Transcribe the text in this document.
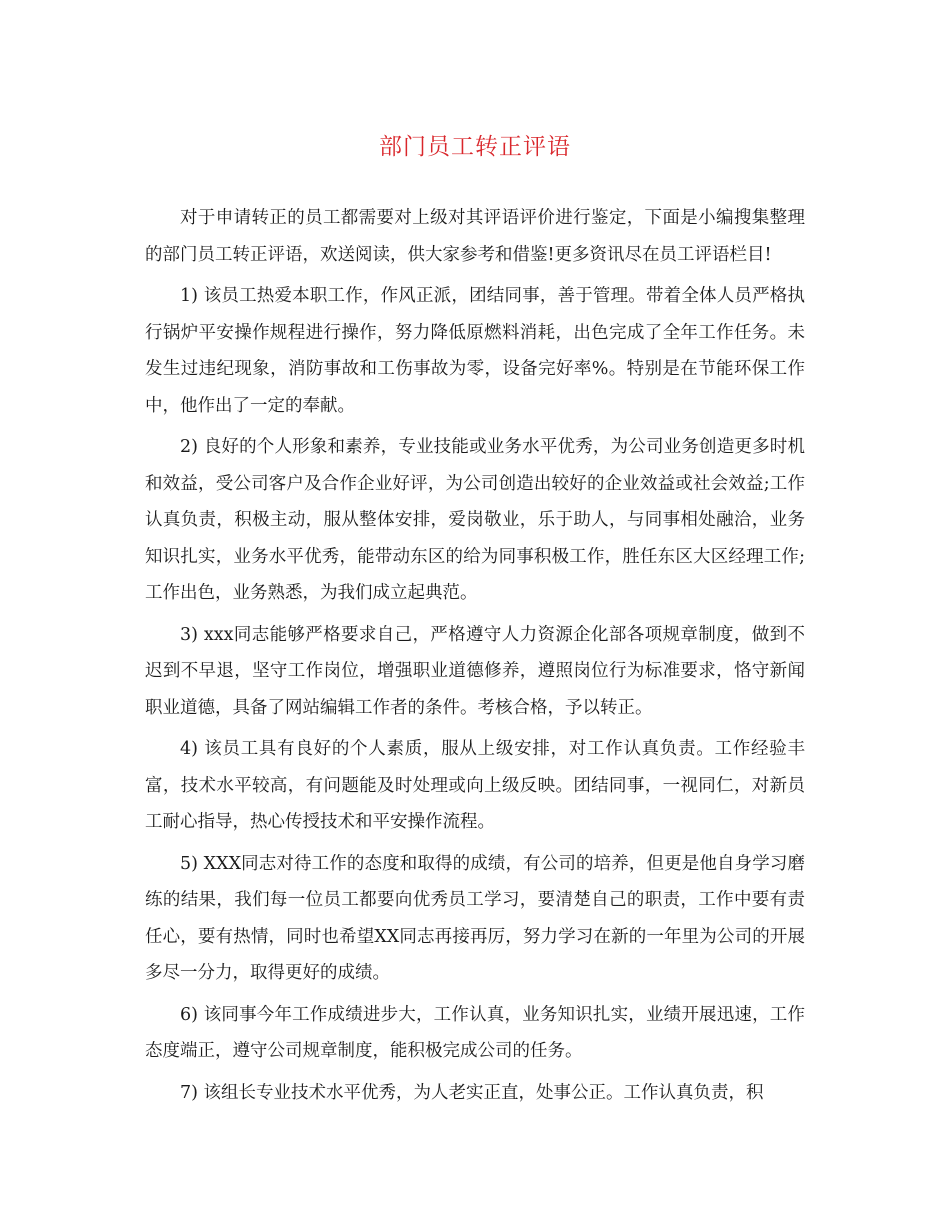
部门员工转正评语

对于申请转正的员工都需要对上级对其评语评价进行鉴定，下面是小编搜集整理的部门员工转正评语，欢送阅读，供大家参考和借鉴!更多资讯尽在员工评语栏目!

1) 该员工热爱本职工作，作风正派，团结同事，善于管理。带着全体人员严格执行锅炉平安操作规程进行操作，努力降低原燃料消耗，出色完成了全年工作任务。未发生过违纪现象，消防事故和工伤事故为零，设备完好率%。特别是在节能环保工作中，他作出了一定的奉献。

2) 良好的个人形象和素养，专业技能或业务水平优秀，为公司业务创造更多时机和效益，受公司客户及合作企业好评，为公司创造出较好的企业效益或社会效益;工作认真负责，积极主动，服从整体安排，爱岗敬业，乐于助人，与同事相处融洽，业务知识扎实，业务水平优秀，能带动东区的给为同事积极工作，胜任东区大区经理工作;工作出色，业务熟悉，为我们成立起典范。

3) xxx同志能够严格要求自己，严格遵守人力资源企化部各项规章制度，做到不迟到不早退，坚守工作岗位，增强职业道德修养，遵照岗位行为标准要求，恪守新闻职业道德，具备了网站编辑工作者的条件。考核合格，予以转正。

4) 该员工具有良好的个人素质，服从上级安排，对工作认真负责。工作经验丰富，技术水平较高，有问题能及时处理或向上级反映。团结同事，一视同仁，对新员工耐心指导，热心传授技术和平安操作流程。

5) XXX同志对待工作的态度和取得的成绩，有公司的培养，但更是他自身学习磨练的结果，我们每一位员工都要向优秀员工学习，要清楚自己的职责，工作中要有责任心，要有热情，同时也希望XX同志再接再厉，努力学习在新的一年里为公司的开展多尽一分力，取得更好的成绩。

6) 该同事今年工作成绩进步大，工作认真，业务知识扎实，业绩开展迅速，工作态度端正，遵守公司规章制度，能积极完成公司的任务。

7) 该组长专业技术水平优秀，为人老实正直，处事公正。工作认真负责，积
